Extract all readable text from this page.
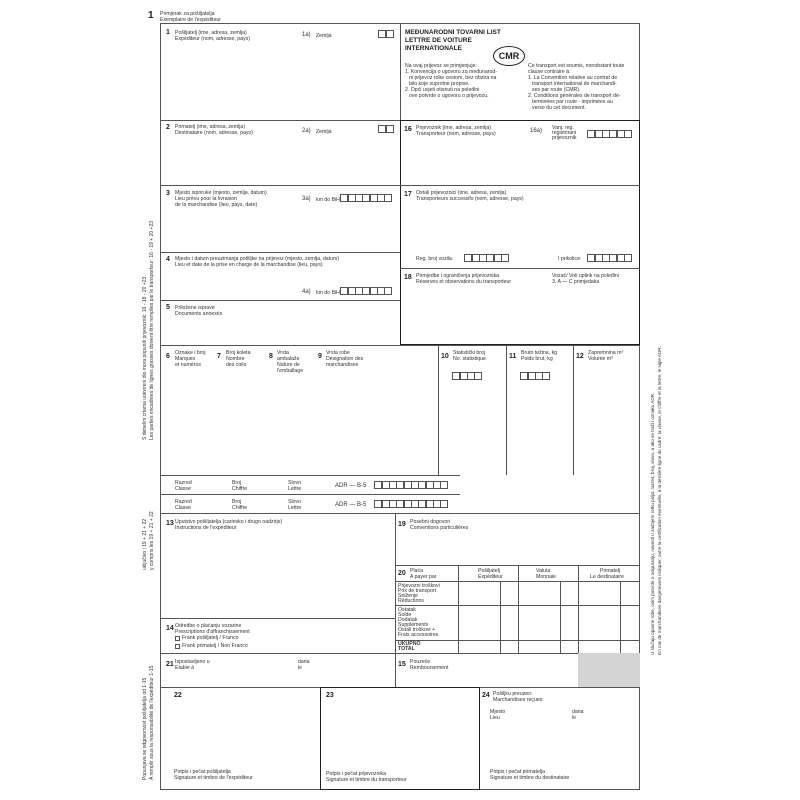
1 Primjerak za pošiljatelja
Exemplaire de l'expéditeur
1 Pošiljatelj (ime, adresa, zemlja)
Expéditeur (nom, adresse, pays)
1a) Zemlja
2 Primatelj (ime, adresa, zemlja)
Destinataire (nom, adresse, pays)	2a) Zemlja
3 Mjesto isporuke (mjesto, zemlja, datum)
Lieu prévu pour la livraison
de la marchandise (lieu, pays, date)
3a) km do BiH
4 Mjesto i datum preuzimanja pošiljke na prijevoz (mjesto, zemlja, datum)
Lieu et date de la prise en charge de la marchandise (lieu, pays)
4a) km do BiH
5 Priložene isprave
Documents annexés
MEĐUNARODNI TOVARNI LIST
LETTRE DE VOITURE
INTERNATIONALE
CMR
Na ovaj prijevoz se primjenjuje:
1. Konvencija o ugovoru za međunarod-
ni prijevoz robe cestom, bez obzira na
bilo koje suprotne propise.
2. Opći uvjeti otisnuti na poleđini
ove potvrde o ugovoru o prijevozu.
Ce transport est soumis, nonobstant toute
clause contraire à:
1. La Convention relative au contrat de
transport international de marchandi-
ses par route (CMR).
2. Conditions générales de transport dé-
terminées par route - imprimées au
verso du cet document.
16 Prijevoznik (ime, adresa, zemlja)
Transporteur (nom, adresse, pays)	16a) Vanj. reg.
registrirani
prijevoznik
17 Ostali prijevoznici (ime, adresa, zemlja)
Transporteurs successifs (nom, adresse, pays)
Reg. broj vozila:	I prikolice:
18 Primjedbe i ograničenja prijevoznika
Réserves et observations du transporteur
Vozač/ Voli uplink na poleđini
3. A — C primjedaka
6 Oznake i broj
Marques
et numéros
7 Broj koleta
Nombre
des colis
8 Vrsta
ambalaže
Nature de
l'emballage
9 Vrsta robe
Désignation des
marchandises
10 Statistički broj
No. statistique	11 Bruto težina, kg
Poids brut, kg	12 Zapremnina m³
Volume m³
Razred
Classe
Broj
Chiffre
Slovo
Lettre	ADR — B-5
Razred
Classe
Broj
Chiffre
Slovo
Lettre	ADR — B-5
13 Uputstvo pošiljatelja (carinsko i drugo nadzirje)
Instructions de l'expéditeur	19 Posebni dogovori
Conventions particulières
20 Plaća
A payer par
Pošiljatelj
Expéditeur
Valuta
Monnaie
Primatelj
Le destinataire
Prijevozni troškovi
Prix de transport
Sniženje
Réductions
Ostatak
Solde
Dodatak
Suppléments
Ostali troškovi +
Frais accessoires
UKUPNO
TOTAL
14 Odredbe o plaćanju vozarine
Prescriptions d'affranchissement
Frank pošiljatelj / Franco
Frank primatelj / Non Franco
21 Ispostavljeno u
Etabie à
dana
le	15 Pouzeće
Remboursement
22
Potpis i pečat pošiljatelja
Signature et timbre de l'expéditeur
23
Potpis i pečat prijevoznika
Signature et timbre du transporteur
24 Pošiljku preuzeo:
Marchandises reçues:
Mjesto
Lieu
dana
le
Potpis i pečat primatelja
Signature et timbre du destinataire
Popunjava se odgovornost pošiljatelja od 1-15 A remplir sous la responsabilité de l'expéditeur 1-15
uključivo i 19 + 21 + 22 y compris les 19 + 21 + 22
S debelim crtama uokvireni dio mora popuniti prijevoznik: 16 - 18 - 20 +23 Les parties encadrées de lignes grasses doivent être remplies par le transporteur: 16 - 19 + 20 +23
U slučaju opasne robe, osim potvrde o osiguranju, navesti u zadnjem retku polja: razred, broj, slovo, a ako se traži i oznaku ADR. En cas de marchandises dangereuses indiquer, outre la certification éventuelle, à la dernière ligne du cadre: la classe, le chiffre et la lettre, le sigle ADR.
